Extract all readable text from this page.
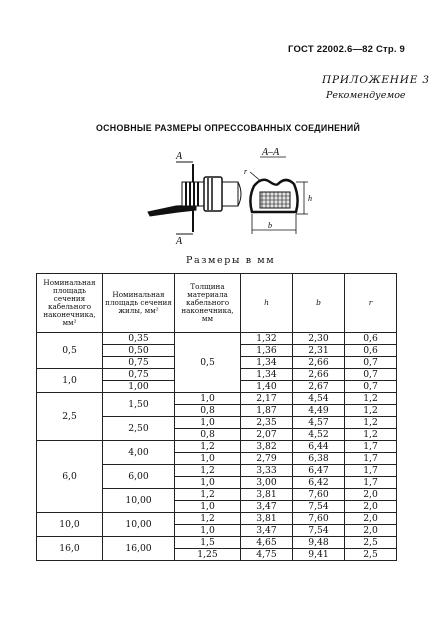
ГОСТ 22002.6—82 Стр. 9
ПРИЛОЖЕНИЕ 3
Рекомендуемое
ОСНОВНЫЕ РАЗМЕРЫ ОПРЕССОВАННЫХ СОЕДИНЕНИЙ
А
А
А–А
r
h
b
Размеры в мм
Номинальная площадь сечения кабельного наконечника, мм²	Номинальная площадь сечения жилы, мм²	Толщина материала кабельного наконечника, мм	h	b	r
0,5	0,35	0,5	1,32	2,30	0,6
	0,50		1,36	2,31	0,6
	0,75		1,34	2,66	0,7
1,0	0,75		1,34	2,66	0,7
	1,00		1,40	2,67	0,7
2,5	1,50	1,0	2,17	4,54	1,2
		0,8	1,87	4,49	1,2
	2,50	1,0	2,35	4,57	1,2
		0,8	2,07	4,52	1,2
6,0	4,00	1,2	3,82	6,44	1,7
		1,0	2,79	6,38	1,7
	6,00	1,2	3,33	6,47	1,7
		1,0	3,00	6,42	1,7
	10,00	1,2	3,81	7,60	2,0
		1,0	3,47	7,54	2,0
10,0	10,00	1,2	3,81	7,60	2,0
		1,0	3,47	7,54	2,0
16,0	16,00	1,5	4,65	9,48	2,5
		1,25	4,75	9,41	2,5
